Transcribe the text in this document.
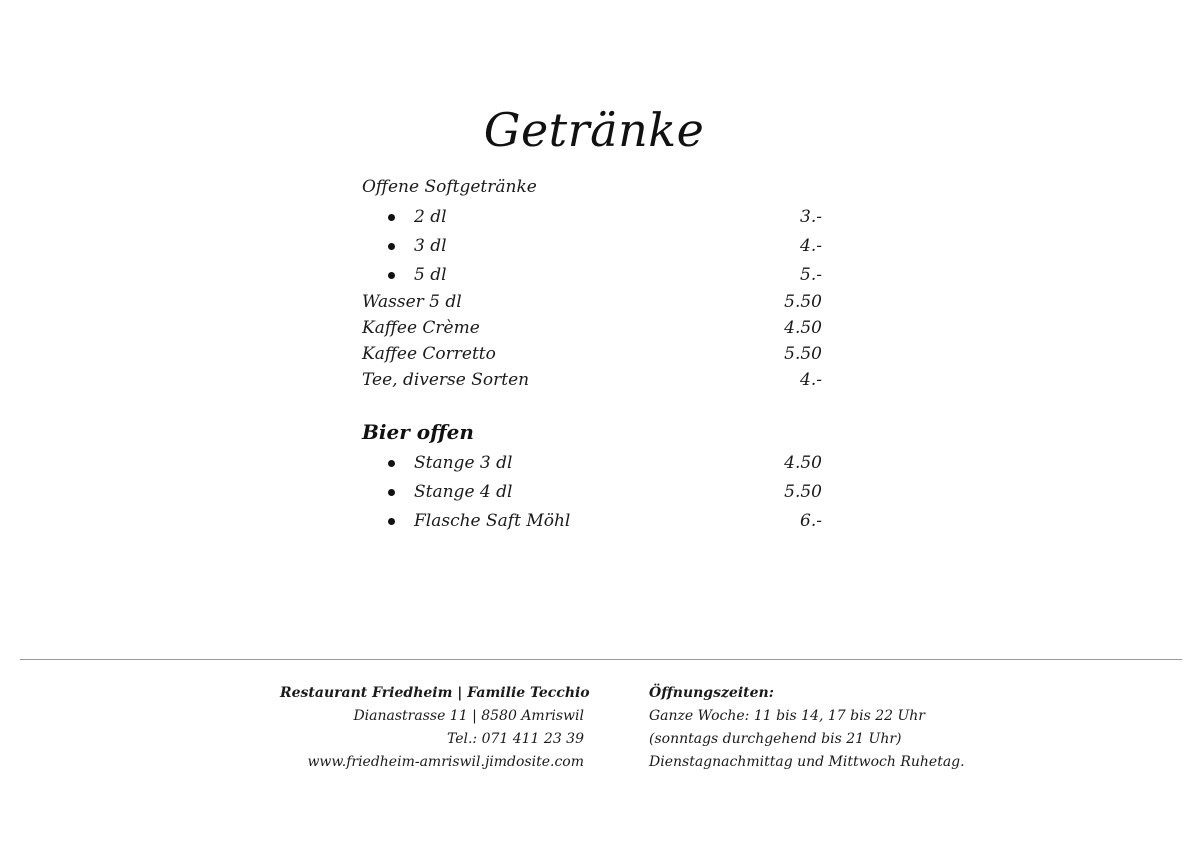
Getränke
Offene Softgetränke
2 dl	3.-
3 dl	4.-
5 dl	5.-
Wasser 5 dl	5.50
Kaffee Crème	4.50
Kaffee Corretto	5.50
Tee, diverse Sorten	4.-
Bier offen
Stange 3 dl	4.50
Stange 4 dl	5.50
Flasche Saft Möhl	6.-
Restaurant Friedheim | Familie Tecchio
Dianastrasse 11 | 8580 Amriswil
Tel.: 071 411 23 39
www.friedheim-amriswil.jimdosite.com
Öffnungszeiten:
Ganze Woche: 11 bis 14, 17 bis 22 Uhr
(sonntags durchgehend bis 21 Uhr)
Dienstagnachmittag und Mittwoch Ruhetag.
